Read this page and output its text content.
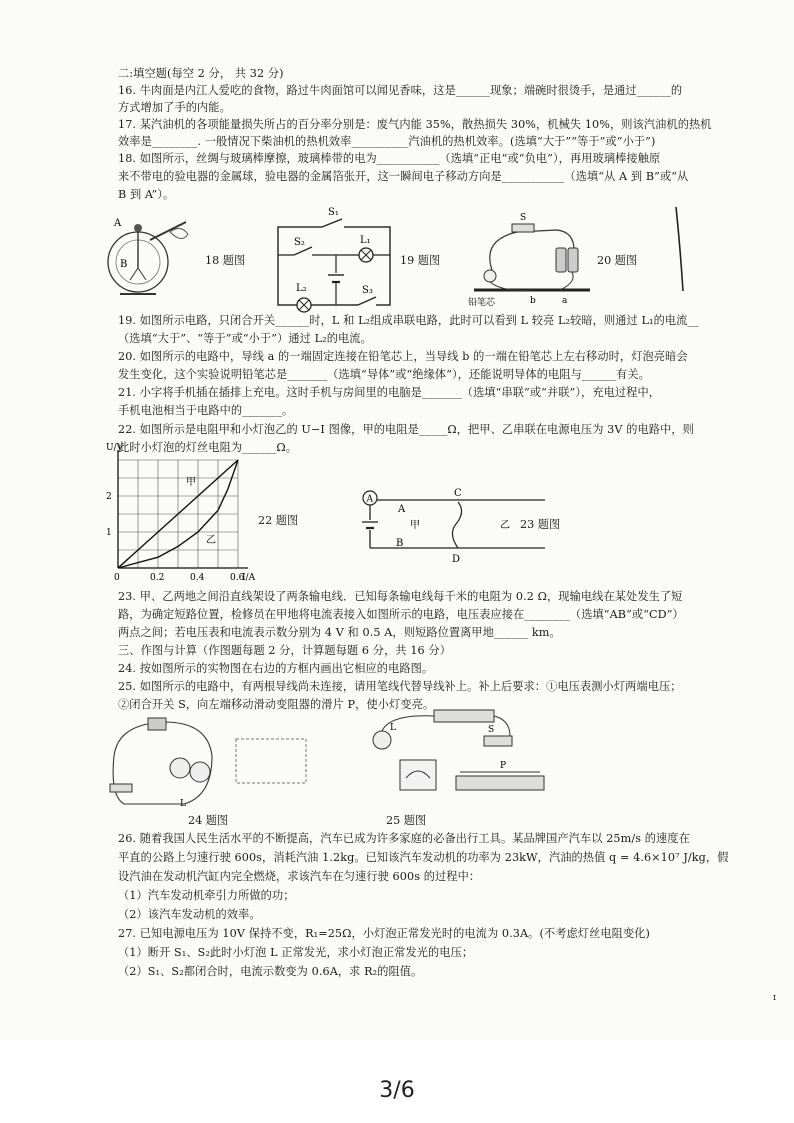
二:填空题(每空 2 分， 共 32 分)
16. 牛肉面是内江人爱吃的食物，路过牛肉面馆可以闻见香味，这是______现象；端碗时很烫手，是通过______的
方式增加了手的内能。
17. 某汽油机的各项能量损失所占的百分率分别是：废气内能 35%，散热损失 30%，机械失 10%，则该汽油机的热机
效率是________. 一般情况下柴油机的热机效率__________汽油机的热机效率。(选填“大于”“等于”或“小于”)
18. 如图所示，丝绸与玻璃棒摩擦，玻璃棒带的电为___________（选填“正电”或“负电”），再用玻璃棒接触原
来不带电的验电器的金属球，验电器的金属箔张开，这一瞬间电子移动方向是___________（选填“从 A 到 B”或“从
B 到 A”）。
19. 如图所示电路，只闭合开关______时，L 和 L₂组成串联电路，此时可以看到 L 较亮 L₂较暗，则通过 L₁的电流__
（选填“大于”、“等于”或“小于”）通过 L₂的电流。
20. 如图所示的电路中，导线 a 的一端固定连接在铅笔芯上，当导线 b 的一端在铅笔芯上左右移动时，灯泡亮暗会
发生变化，这个实验说明铅笔芯是_______（选填“导体”或“绝缘体”），还能说明导体的电阻与______有关。
21. 小字将手机插在插排上充电。这时手机与房间里的电脑是_______（选填“串联”或“并联”），充电过程中，
手机电池相当于电路中的_______。
22. 如图所示是电阻甲和小灯泡乙的 U−I 图像，甲的电阻是_____Ω，把甲、乙串联在电源电压为 3V 的电路中，则
此时小灯泡的灯丝电阻为______Ω。
23. 甲、乙两地之间沿直线架设了两条输电线．已知每条输电线每千米的电阻为 0.2 Ω，现输电线在某处发生了短
路，为确定短路位置，检修员在甲地将电流表接入如图所示的电路，电压表应接在________（选填“AB”或“CD”）
两点之间；若电压表和电流表示数分别为 4 V 和 0.5 A，则短路位置离甲地______ km。
三、作图与计算（作图题每题 2 分，计算题每题 6 分，共 16 分）
24. 按如图所示的实物图在右边的方框内画出它相应的电路图。
25. 如图所示的电路中，有两根导线尚未连接，请用笔线代替导线补上。补上后要求：①电压表测小灯两端电压；
②闭合开关 S，向左端移动滑动变阻器的滑片 P，使小灯变亮。
26. 随着我国人民生活水平的不断提高，汽车已成为许多家庭的必备出行工具。某品牌国产汽车以 25m/s 的速度在
平直的公路上匀速行驶 600s，消耗汽油 1.2kg。已知该汽车发动机的功率为 23kW，汽油的热值 q = 4.6×10⁷ J/kg，假
设汽油在发动机汽缸内完全燃烧，求该汽车在匀速行驶 600s 的过程中：
（1）汽车发动机牵引力所做的功；
（2）该汽车发动机的效率。
27. 已知电源电压为 10V 保持不变，R₁=25Ω，小灯泡正常发光时的电流为 0.3A。(不考虑灯丝电阻变化)
（1）断开 S₁、S₂此时小灯泡 L 正常发光，求小灯泡正常发光的电压；
（2）S₁、S₂都闭合时，电流示数变为 0.6A，求 R₂的阻值。
A
B	18 题图
S₁
S₂	L₁
L₂	S₃
19 题图
S
铅笔芯	b	a
20 题图
U/V
I/A
0	0.2	0.4	0.6
1
2
甲
乙
22 题图
A
A
B
C
D
甲	乙 23 题图
L
24 题图
L	S
P
25 题图
ɪ
3/6
